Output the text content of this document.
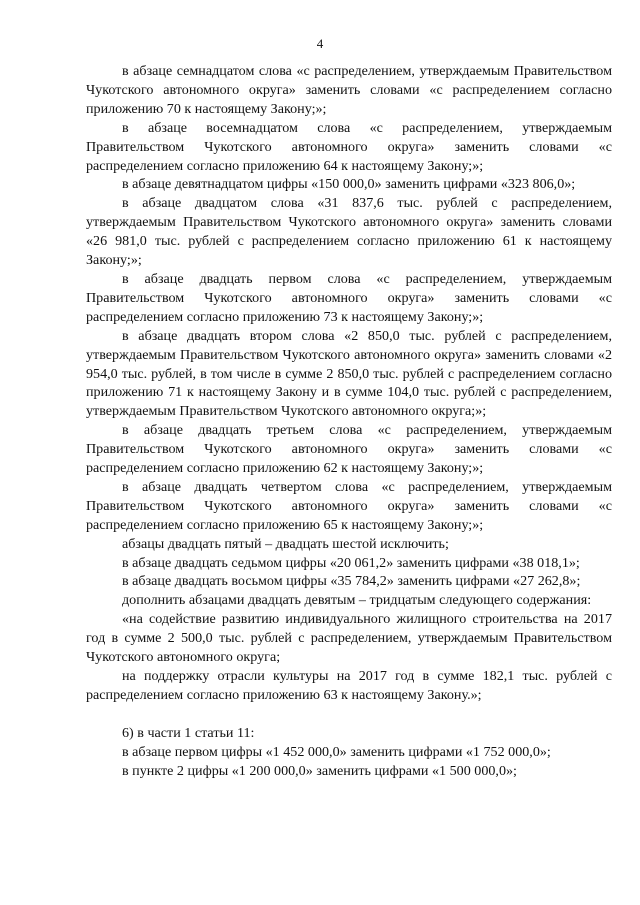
4

в абзаце семнадцатом слова «с распределением, утверждаемым Правительством Чукотского автономного округа» заменить словами «с распределением согласно приложению 70 к настоящему Закону;»;

в абзаце восемнадцатом слова «с распределением, утверждаемым Правительством Чукотского автономного округа» заменить словами «с распределением согласно приложению 64 к настоящему Закону;»;

в абзаце девятнадцатом цифры «150 000,0» заменить цифрами «323 806,0»;

в абзаце двадцатом слова «31 837,6 тыс. рублей с распределением, утверждаемым Правительством Чукотского автономного округа» заменить словами «26 981,0 тыс. рублей с распределением согласно приложению 61 к настоящему Закону;»;

в абзаце двадцать первом слова «с распределением, утверждаемым Правительством Чукотского автономного округа» заменить словами «с распределением согласно приложению 73 к настоящему Закону;»;

в абзаце двадцать втором слова «2 850,0 тыс. рублей с распределением, утверждаемым Правительством Чукотского автономного округа» заменить словами «2 954,0 тыс. рублей, в том числе в сумме 2 850,0 тыс. рублей с распределением согласно приложению 71 к настоящему Закону и в сумме 104,0 тыс. рублей с распределением, утверждаемым Правительством Чукотского автономного округа;»;

в абзаце двадцать третьем слова «с распределением, утверждаемым Правительством Чукотского автономного округа» заменить словами «с распределением согласно приложению 62 к настоящему Закону;»;

в абзаце двадцать четвертом слова «с распределением, утверждаемым Правительством Чукотского автономного округа» заменить словами «с распределением согласно приложению 65 к настоящему Закону;»;

абзацы двадцать пятый – двадцать шестой исключить;

в абзаце двадцать седьмом цифры «20 061,2» заменить цифрами «38 018,1»;

в абзаце двадцать восьмом цифры «35 784,2» заменить цифрами «27 262,8»;

дополнить абзацами двадцать девятым – тридцатым следующего содержания:

«на содействие развитию индивидуального жилищного строительства на 2017 год в сумме 2 500,0 тыс. рублей с распределением, утверждаемым Правительством Чукотского автономного округа;

на поддержку отрасли культуры на 2017 год в сумме 182,1 тыс. рублей с распределением согласно приложению 63 к настоящему Закону.»;

6) в части 1 статьи 11:

в абзаце первом цифры «1 452 000,0» заменить цифрами «1 752 000,0»;

в пункте 2 цифры «1 200 000,0» заменить цифрами «1 500 000,0»;
